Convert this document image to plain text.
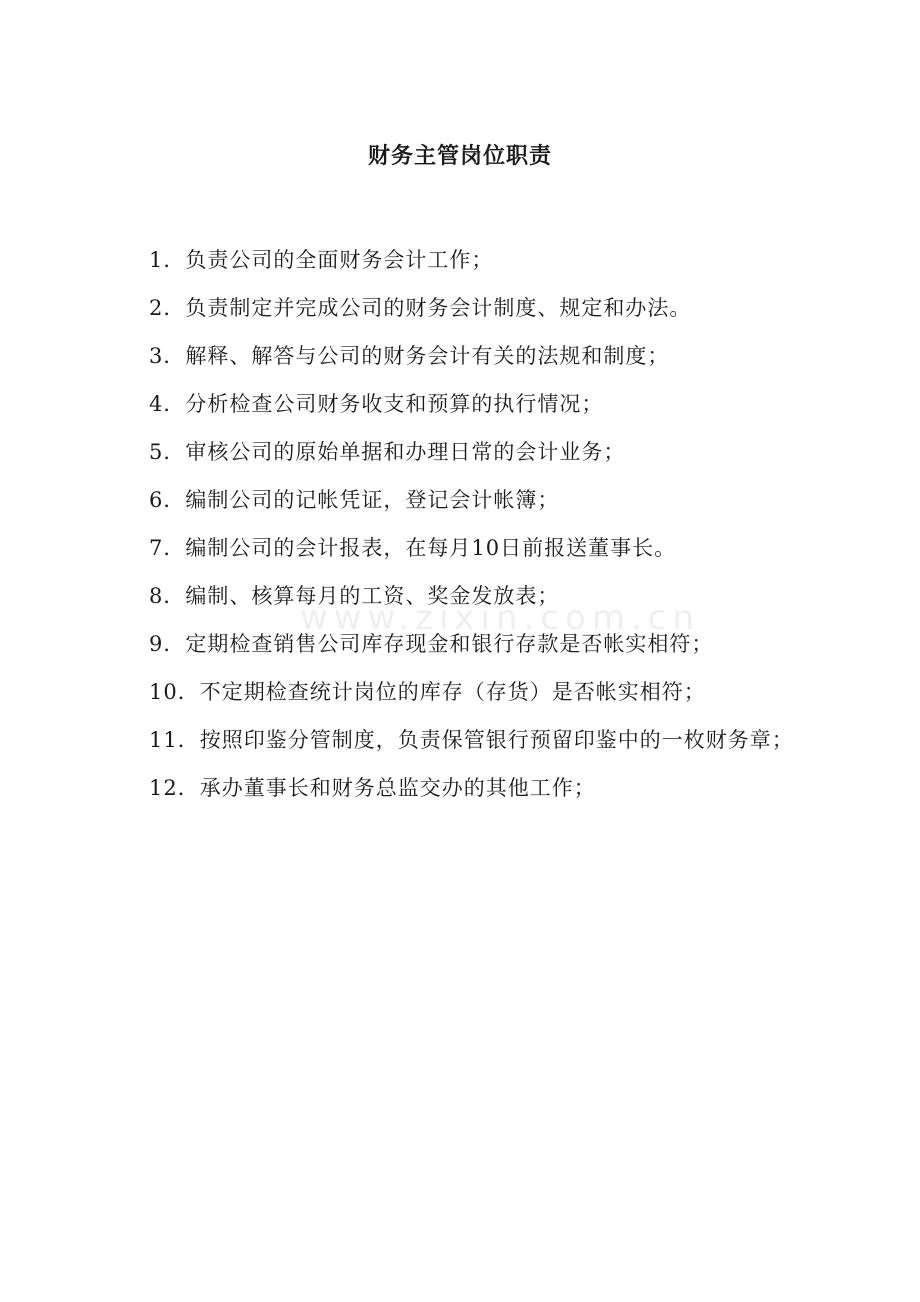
财务主管岗位职责
1．负责公司的全面财务会计工作；
2．负责制定并完成公司的财务会计制度、规定和办法。
3．解释、解答与公司的财务会计有关的法规和制度；
4．分析检查公司财务收支和预算的执行情况；
5．审核公司的原始单据和办理日常的会计业务；
6．编制公司的记帐凭证，登记会计帐簿；
7．编制公司的会计报表，在每月10日前报送董事长。
8．编制、核算每月的工资、奖金发放表；
9．定期检查销售公司库存现金和银行存款是否帐实相符；
10．不定期检查统计岗位的库存（存货）是否帐实相符；
11．按照印鉴分管制度，负责保管银行预留印鉴中的一枚财务章；
12．承办董事长和财务总监交办的其他工作；
www.zixin.com.cn
